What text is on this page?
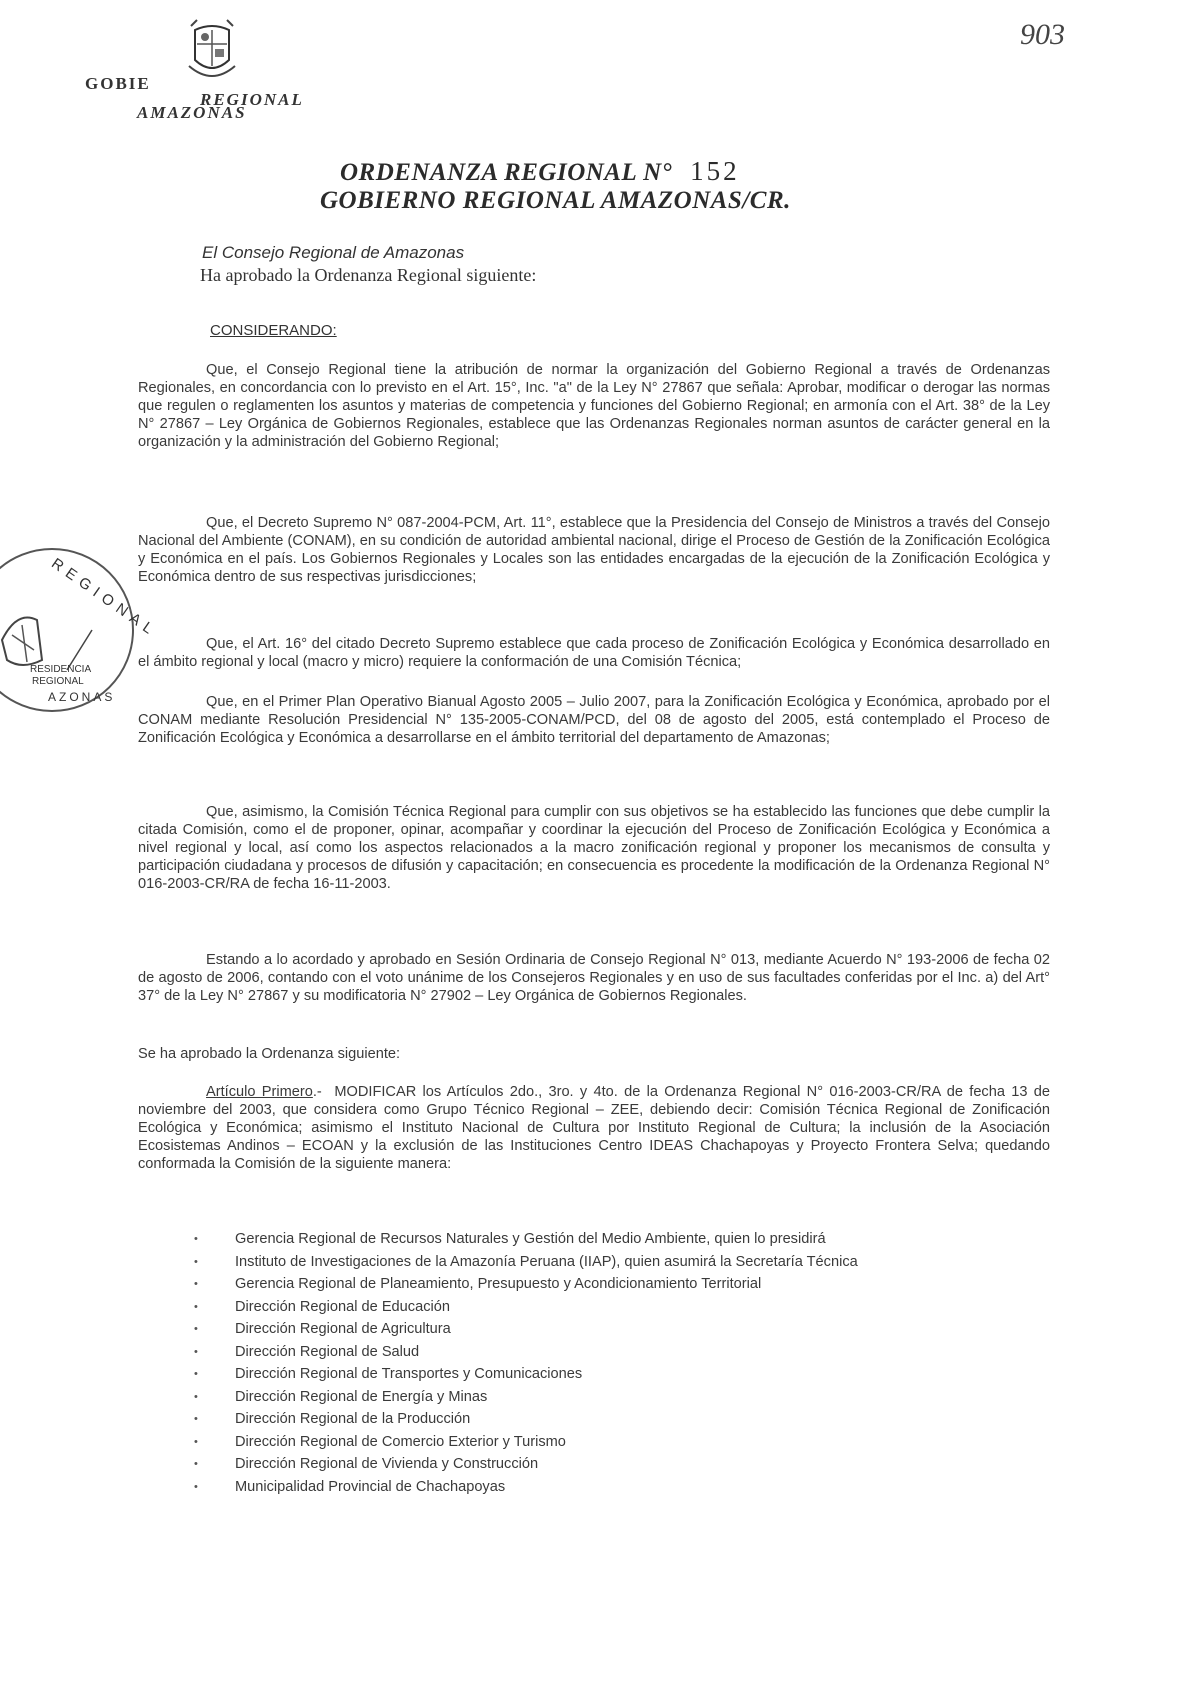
GOBIE
REGIONAL
AMAZONAS
903
ORDENANZA REGIONAL N° 152
GOBIERNO REGIONAL AMAZONAS/CR.
El Consejo Regional de Amazonas
Ha aprobado la Ordenanza Regional siguiente:
CONSIDERANDO:
Que, el Consejo Regional tiene la atribución de normar la organización del Gobierno Regional a través de Ordenanzas Regionales, en concordancia con lo previsto en el Art. 15°, Inc. "a" de la Ley N° 27867 que señala: Aprobar, modificar o derogar las normas que regulen o reglamenten los asuntos y materias de competencia y funciones del Gobierno Regional; en armonía con el Art. 38° de la Ley N° 27867 – Ley Orgánica de Gobiernos Regionales, establece que las Ordenanzas Regionales norman asuntos de carácter general en la organización y la administración del Gobierno Regional;
Que, el Decreto Supremo N° 087-2004-PCM, Art. 11°, establece que la Presidencia del Consejo de Ministros a través del Consejo Nacional del Ambiente (CONAM), en su condición de autoridad ambiental nacional, dirige el Proceso de Gestión de la Zonificación Ecológica y Económica en el país. Los Gobiernos Regionales y Locales son las entidades encargadas de la ejecución de la Zonificación Ecológica y Económica dentro de sus respectivas jurisdicciones;
Que, el Art. 16° del citado Decreto Supremo establece que cada proceso de Zonificación Ecológica y Económica desarrollado en el ámbito regional y local (macro y micro) requiere la conformación de una Comisión Técnica;
Que, en el Primer Plan Operativo Bianual Agosto 2005 – Julio 2007, para la Zonificación Ecológica y Económica, aprobado por el CONAM mediante Resolución Presidencial N° 135-2005-CONAM/PCD, del 08 de agosto del 2005, está contemplado el Proceso de Zonificación Ecológica y Económica a desarrollarse en el ámbito territorial del departamento de Amazonas;
Que, asimismo, la Comisión Técnica Regional para cumplir con sus objetivos se ha establecido las funciones que debe cumplir la citada Comisión, como el de proponer, opinar, acompañar y coordinar la ejecución del Proceso de Zonificación Ecológica y Económica a nivel regional y local, así como los aspectos relacionados a la macro zonificación regional y proponer los mecanismos de consulta y participación ciudadana y procesos de difusión y capacitación; en consecuencia es procedente la modificación de la Ordenanza Regional N° 016-2003-CR/RA de fecha 16-11-2003.
Estando a lo acordado y aprobado en Sesión Ordinaria de Consejo Regional N° 013, mediante Acuerdo N° 193-2006 de fecha 02 de agosto de 2006, contando con el voto unánime de los Consejeros Regionales y en uso de sus facultades conferidas por el Inc. a) del Art° 37° de la Ley N° 27867 y su modificatoria N° 27902 – Ley Orgánica de Gobiernos Regionales.
Se ha aprobado la Ordenanza siguiente:
Artículo Primero.- MODIFICAR los Artículos 2do., 3ro. y 4to. de la Ordenanza Regional N° 016-2003-CR/RA de fecha 13 de noviembre del 2003, que considera como Grupo Técnico Regional – ZEE, debiendo decir: Comisión Técnica Regional de Zonificación Ecológica y Económica; asimismo el Instituto Nacional de Cultura por Instituto Regional de Cultura; la inclusión de la Asociación Ecosistemas Andinos – ECOAN y la exclusión de las Instituciones Centro IDEAS Chachapoyas y Proyecto Frontera Selva; quedando conformada la Comisión de la siguiente manera:
•	Gerencia Regional de Recursos Naturales y Gestión del Medio Ambiente, quien lo presidirá
•	Instituto de Investigaciones de la Amazonía Peruana (IIAP), quien asumirá la Secretaría Técnica
•	Gerencia Regional de Planeamiento, Presupuesto y Acondicionamiento Territorial
•	Dirección Regional de Educación
•	Dirección Regional de Agricultura
•	Dirección Regional de Salud
•	Dirección Regional de Transportes y Comunicaciones
•	Dirección Regional de Energía y Minas
•	Dirección Regional de la Producción
•	Dirección Regional de Comercio Exterior y Turismo
•	Dirección Regional de Vivienda y Construcción
•	Municipalidad Provincial de Chachapoyas
REGIONAL
RESIDENCIA
REGIONAL
AZONAS
